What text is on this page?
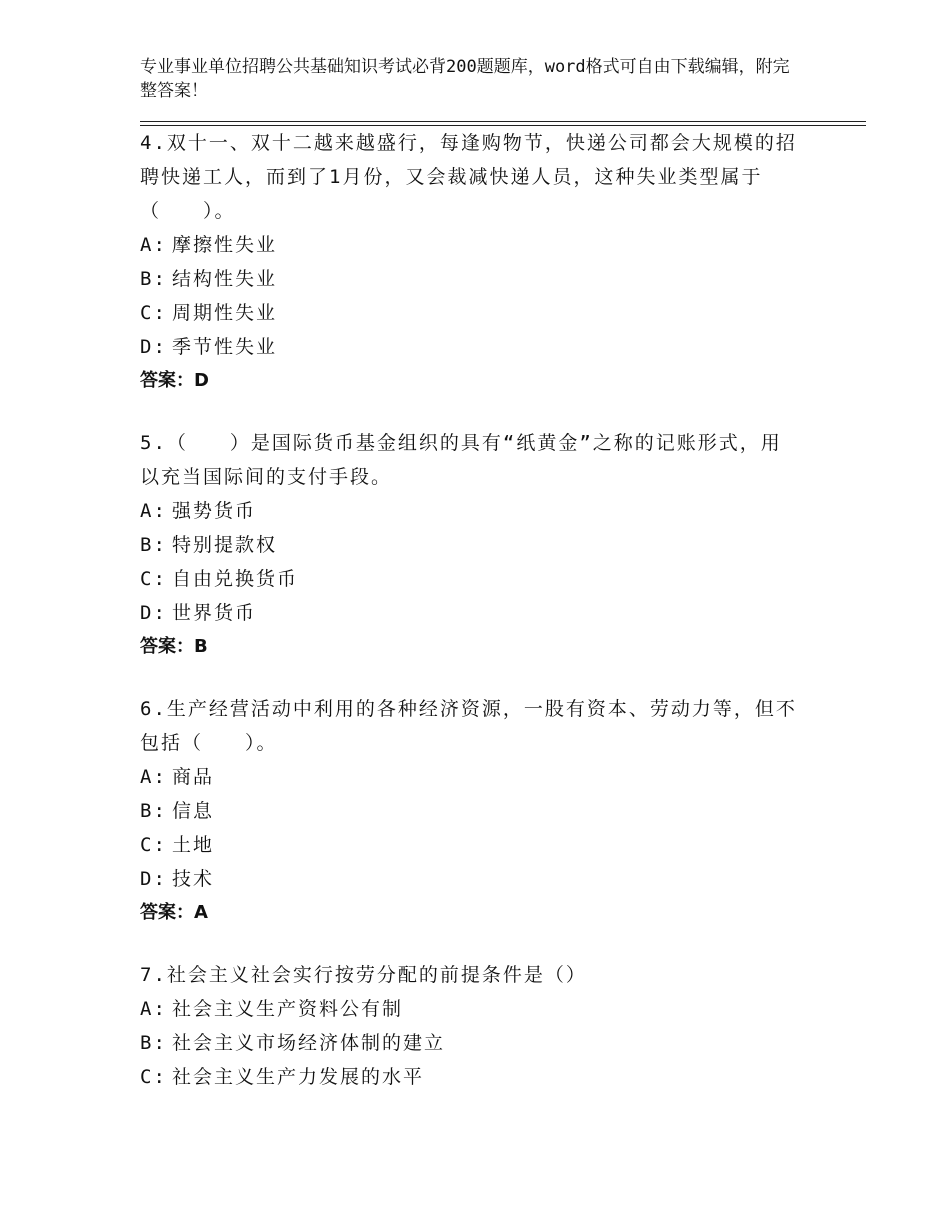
专业事业单位招聘公共基础知识考试必背200题题库，word格式可自由下载编辑，附完整答案！
4.双十一、双十二越来越盛行，每逢购物节，快递公司都会大规模的招聘快递工人，而到了1月份，又会裁减快递人员，这种失业类型属于（　　）。
A: 摩擦性失业
B: 结构性失业
C: 周期性失业
D: 季节性失业
答案：D
5.（　　）是国际货币基金组织的具有“纸黄金”之称的记账形式，用以充当国际间的支付手段。
A: 强势货币
B: 特别提款权
C: 自由兑换货币
D: 世界货币
答案：B
6.生产经营活动中利用的各种经济资源，一股有资本、劳动力等，但不包括（　　）。
A: 商品
B: 信息
C: 土地
D: 技术
答案：A
7.社会主义社会实行按劳分配的前提条件是（）
A: 社会主义生产资料公有制
B: 社会主义市场经济体制的建立
C: 社会主义生产力发展的水平
